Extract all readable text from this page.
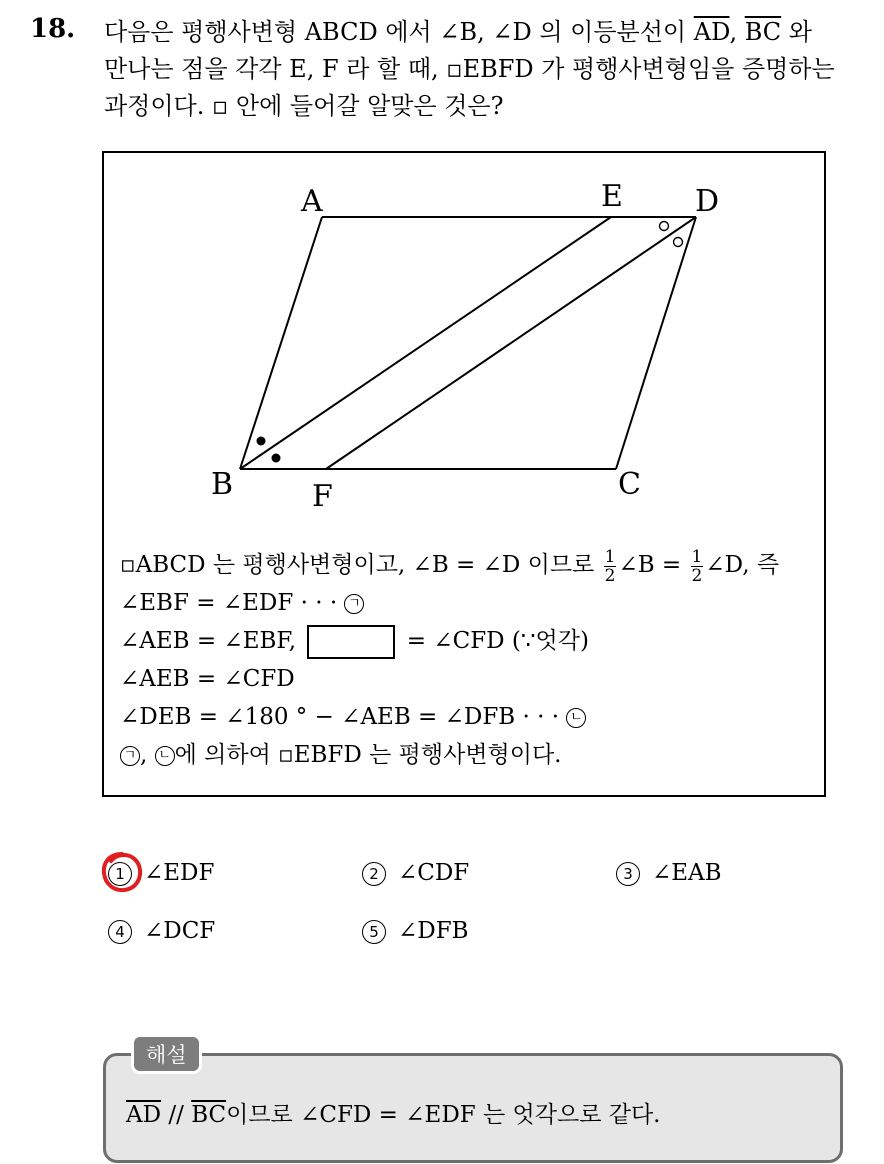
18. 다음은 평행사변형 ABCD 에서 ∠B, ∠D 의 이등분선이 $\overline{AD}$, $\overline{BC}$ 와

만나는 점을 각각 E, F 라 할 때, ▫EBFD 가 평행사변형임을 증명하는

과정이다. ▫ 안에 들어갈 알맞은 것은?

A	E D
B	F	C
▫ABCD 는 평행사변형이고, ∠B = ∠D 이므로 $\frac{1}{2}$ ∠B = $\frac{1}{2}$ ∠D, 즉
∠EBF = ∠EDF · · · ㄱ
∠AEB = ∠EBF,	= ∠CFD (∵엇각)
∠AEB = ∠CFD
∠DEB = ∠180 ° − ∠AEB = ∠DFB · · · ㄴ
ㄱ , ㄴ 에 의하여 ▫EBFD 는 평행사변형이다.
1 ∠EDF	2 ∠CDF	3 ∠EAB
4 ∠DCF	5 ∠DFB
해설
$\overline{AD} // \overline{BC}$이므로 ∠CFD = ∠EDF 는 엇각으로 같다.
